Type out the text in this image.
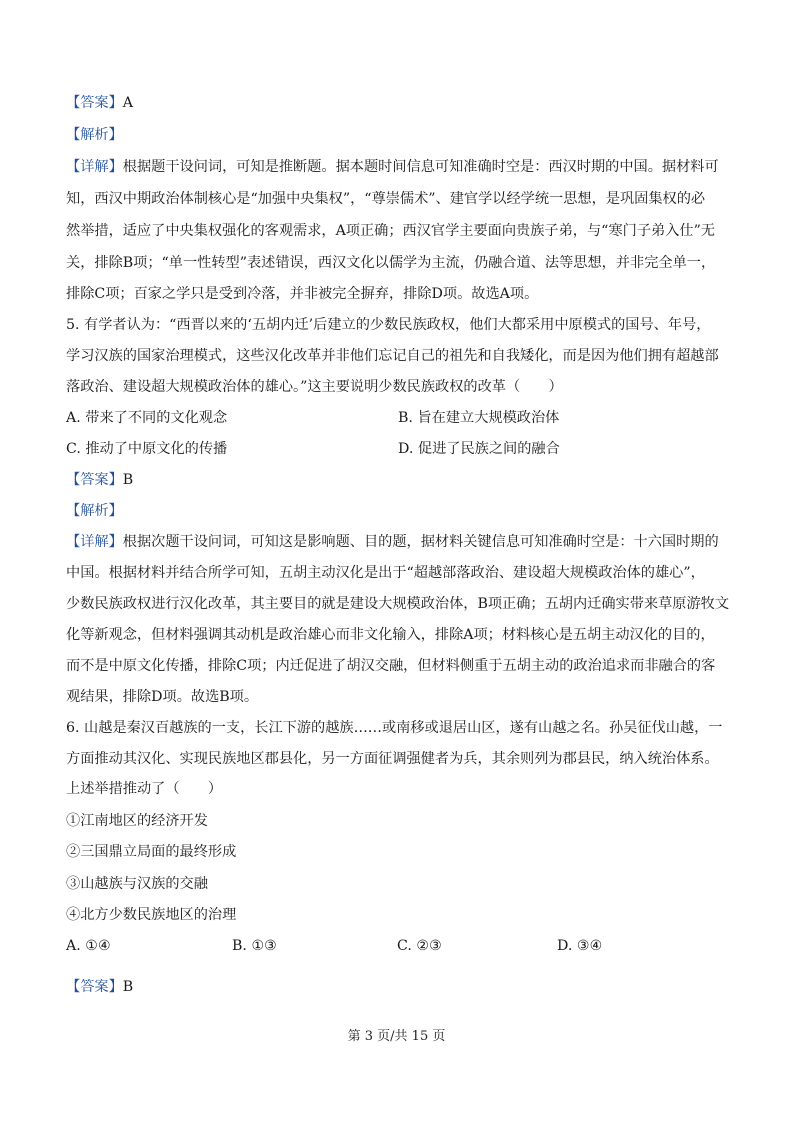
【答案】A
【解析】
【详解】根据题干设问词，可知是推断题。据本题时间信息可知准确时空是：西汉时期的中国。据材料可
知，西汉中期政治体制核心是“加强中央集权”，“尊崇儒术”、建官学以经学统一思想，是巩固集权的必
然举措，适应了中央集权强化的客观需求，A项正确；西汉官学主要面向贵族子弟，与“寒门子弟入仕”无
关，排除B项；“单一性转型”表述错误，西汉文化以儒学为主流，仍融合道、法等思想，并非完全单一，
排除C项；百家之学只是受到冷落，并非被完全摒弃，排除D项。故选A项。
5. 有学者认为：“西晋以来的‘五胡内迁’后建立的少数民族政权，他们大都采用中原模式的国号、年号，
学习汉族的国家治理模式，这些汉化改革并非他们忘记自己的祖先和自我矮化，而是因为他们拥有超越部
落政治、建设超大规模政治体的雄心。”这主要说明少数民族政权的改革（　　）
A. 带来了不同的文化观念	B. 旨在建立大规模政治体
C. 推动了中原文化的传播	D. 促进了民族之间的融合
【答案】B
【解析】
【详解】根据次题干设问词，可知这是影响题、目的题，据材料关键信息可知准确时空是：十六国时期的
中国。根据材料并结合所学可知，五胡主动汉化是出于“超越部落政治、建设超大规模政治体的雄心”，
少数民族政权进行汉化改革，其主要目的就是建设大规模政治体，B项正确；五胡内迁确实带来草原游牧文
化等新观念，但材料强调其动机是政治雄心而非文化输入，排除A项；材料核心是五胡主动汉化的目的，
而不是中原文化传播，排除C项；内迁促进了胡汉交融，但材料侧重于五胡主动的政治追求而非融合的客
观结果，排除D项。故选B项。
6. 山越是秦汉百越族的一支，长江下游的越族……或南移或退居山区，遂有山越之名。孙吴征伐山越，一
方面推动其汉化、实现民族地区郡县化，另一方面征调强健者为兵，其余则列为郡县民，纳入统治体系。
上述举措推动了（　　）
①江南地区的经济开发
②三国鼎立局面的最终形成
③山越族与汉族的交融
④北方少数民族地区的治理
A. ①④	B. ①③	C. ②③	D. ③④
【答案】B
第 3 页/共 15 页
